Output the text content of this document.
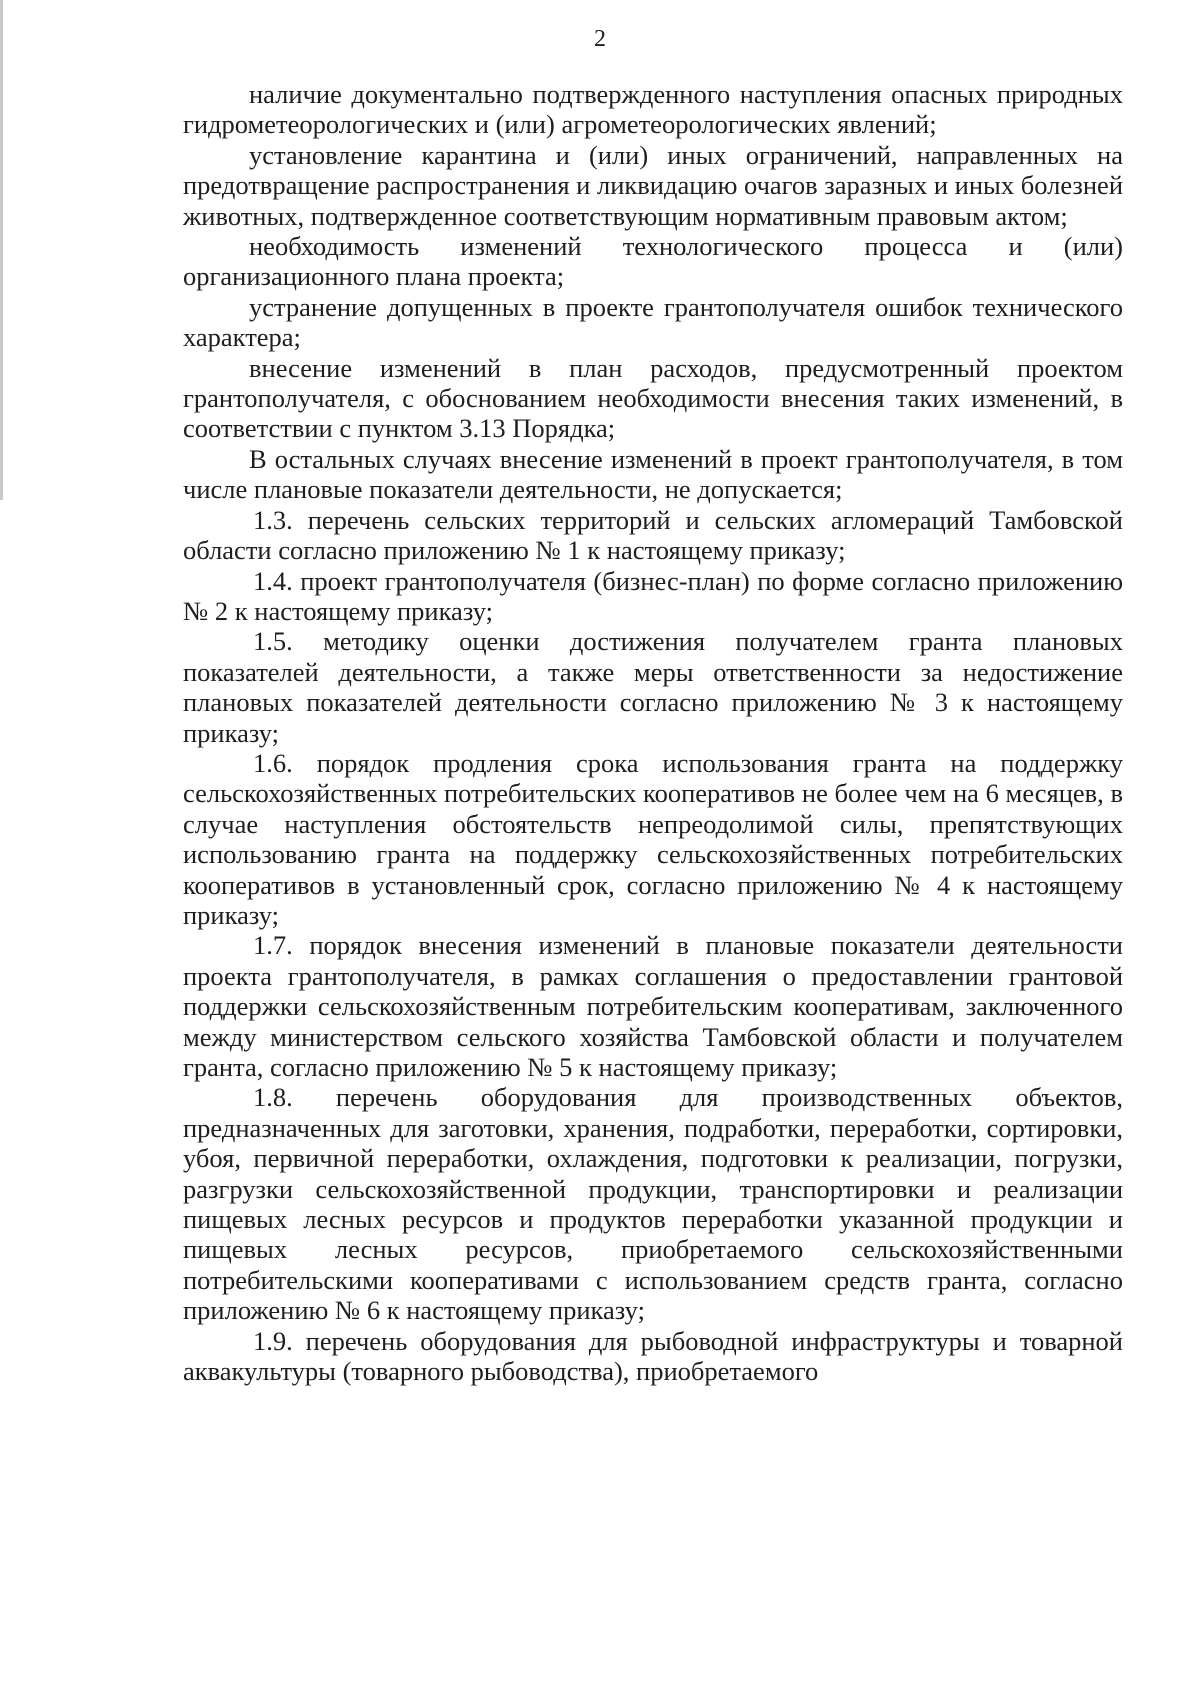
2

наличие документально подтвержденного наступления опасных природных гидрометеорологических и (или) агрометеорологических явлений;

установление карантина и (или) иных ограничений, направленных на предотвращение распространения и ликвидацию очагов заразных и иных болезней животных, подтвержденное соответствующим нормативным правовым актом;

необходимость изменений технологического процесса и (или) организационного плана проекта;

устранение допущенных в проекте грантополучателя ошибок технического характера;

внесение изменений в план расходов, предусмотренный проектом грантополучателя, с обоснованием необходимости внесения таких изменений, в соответствии с пунктом 3.13 Порядка;

В остальных случаях внесение изменений в проект грантополучателя, в том числе плановые показатели деятельности, не допускается;

1.3. перечень сельских территорий и сельских агломераций Тамбовской области согласно приложению № 1 к настоящему приказу;

1.4. проект грантополучателя (бизнес-план) по форме согласно приложению № 2 к настоящему приказу;

1.5. методику оценки достижения получателем гранта плановых показателей деятельности, а также меры ответственности за недостижение плановых показателей деятельности согласно приложению № 3 к настоящему приказу;

1.6. порядок продления срока использования гранта на поддержку сельскохозяйственных потребительских кооперативов не более чем на 6 месяцев, в случае наступления обстоятельств непреодолимой силы, препятствующих использованию гранта на поддержку сельскохозяйственных потребительских кооперативов в установленный срок, согласно приложению № 4 к настоящему приказу;

1.7. порядок внесения изменений в плановые показатели деятельности проекта грантополучателя, в рамках соглашения о предоставлении грантовой поддержки сельскохозяйственным потребительским кооперативам, заключенного между министерством сельского хозяйства Тамбовской области и получателем гранта, согласно приложению № 5 к настоящему приказу;

1.8. перечень оборудования для производственных объектов, предназначенных для заготовки, хранения, подработки, переработки, сортировки, убоя, первичной переработки, охлаждения, подготовки к реализации, погрузки, разгрузки сельскохозяйственной продукции, транспортировки и реализации пищевых лесных ресурсов и продуктов переработки указанной продукции и пищевых лесных ресурсов, приобретаемого сельскохозяйственными потребительскими кооперативами с использованием средств гранта, согласно приложению № 6 к настоящему приказу;

1.9. перечень оборудования для рыбоводной инфраструктуры и товарной аквакультуры (товарного рыбоводства), приобретаемого
